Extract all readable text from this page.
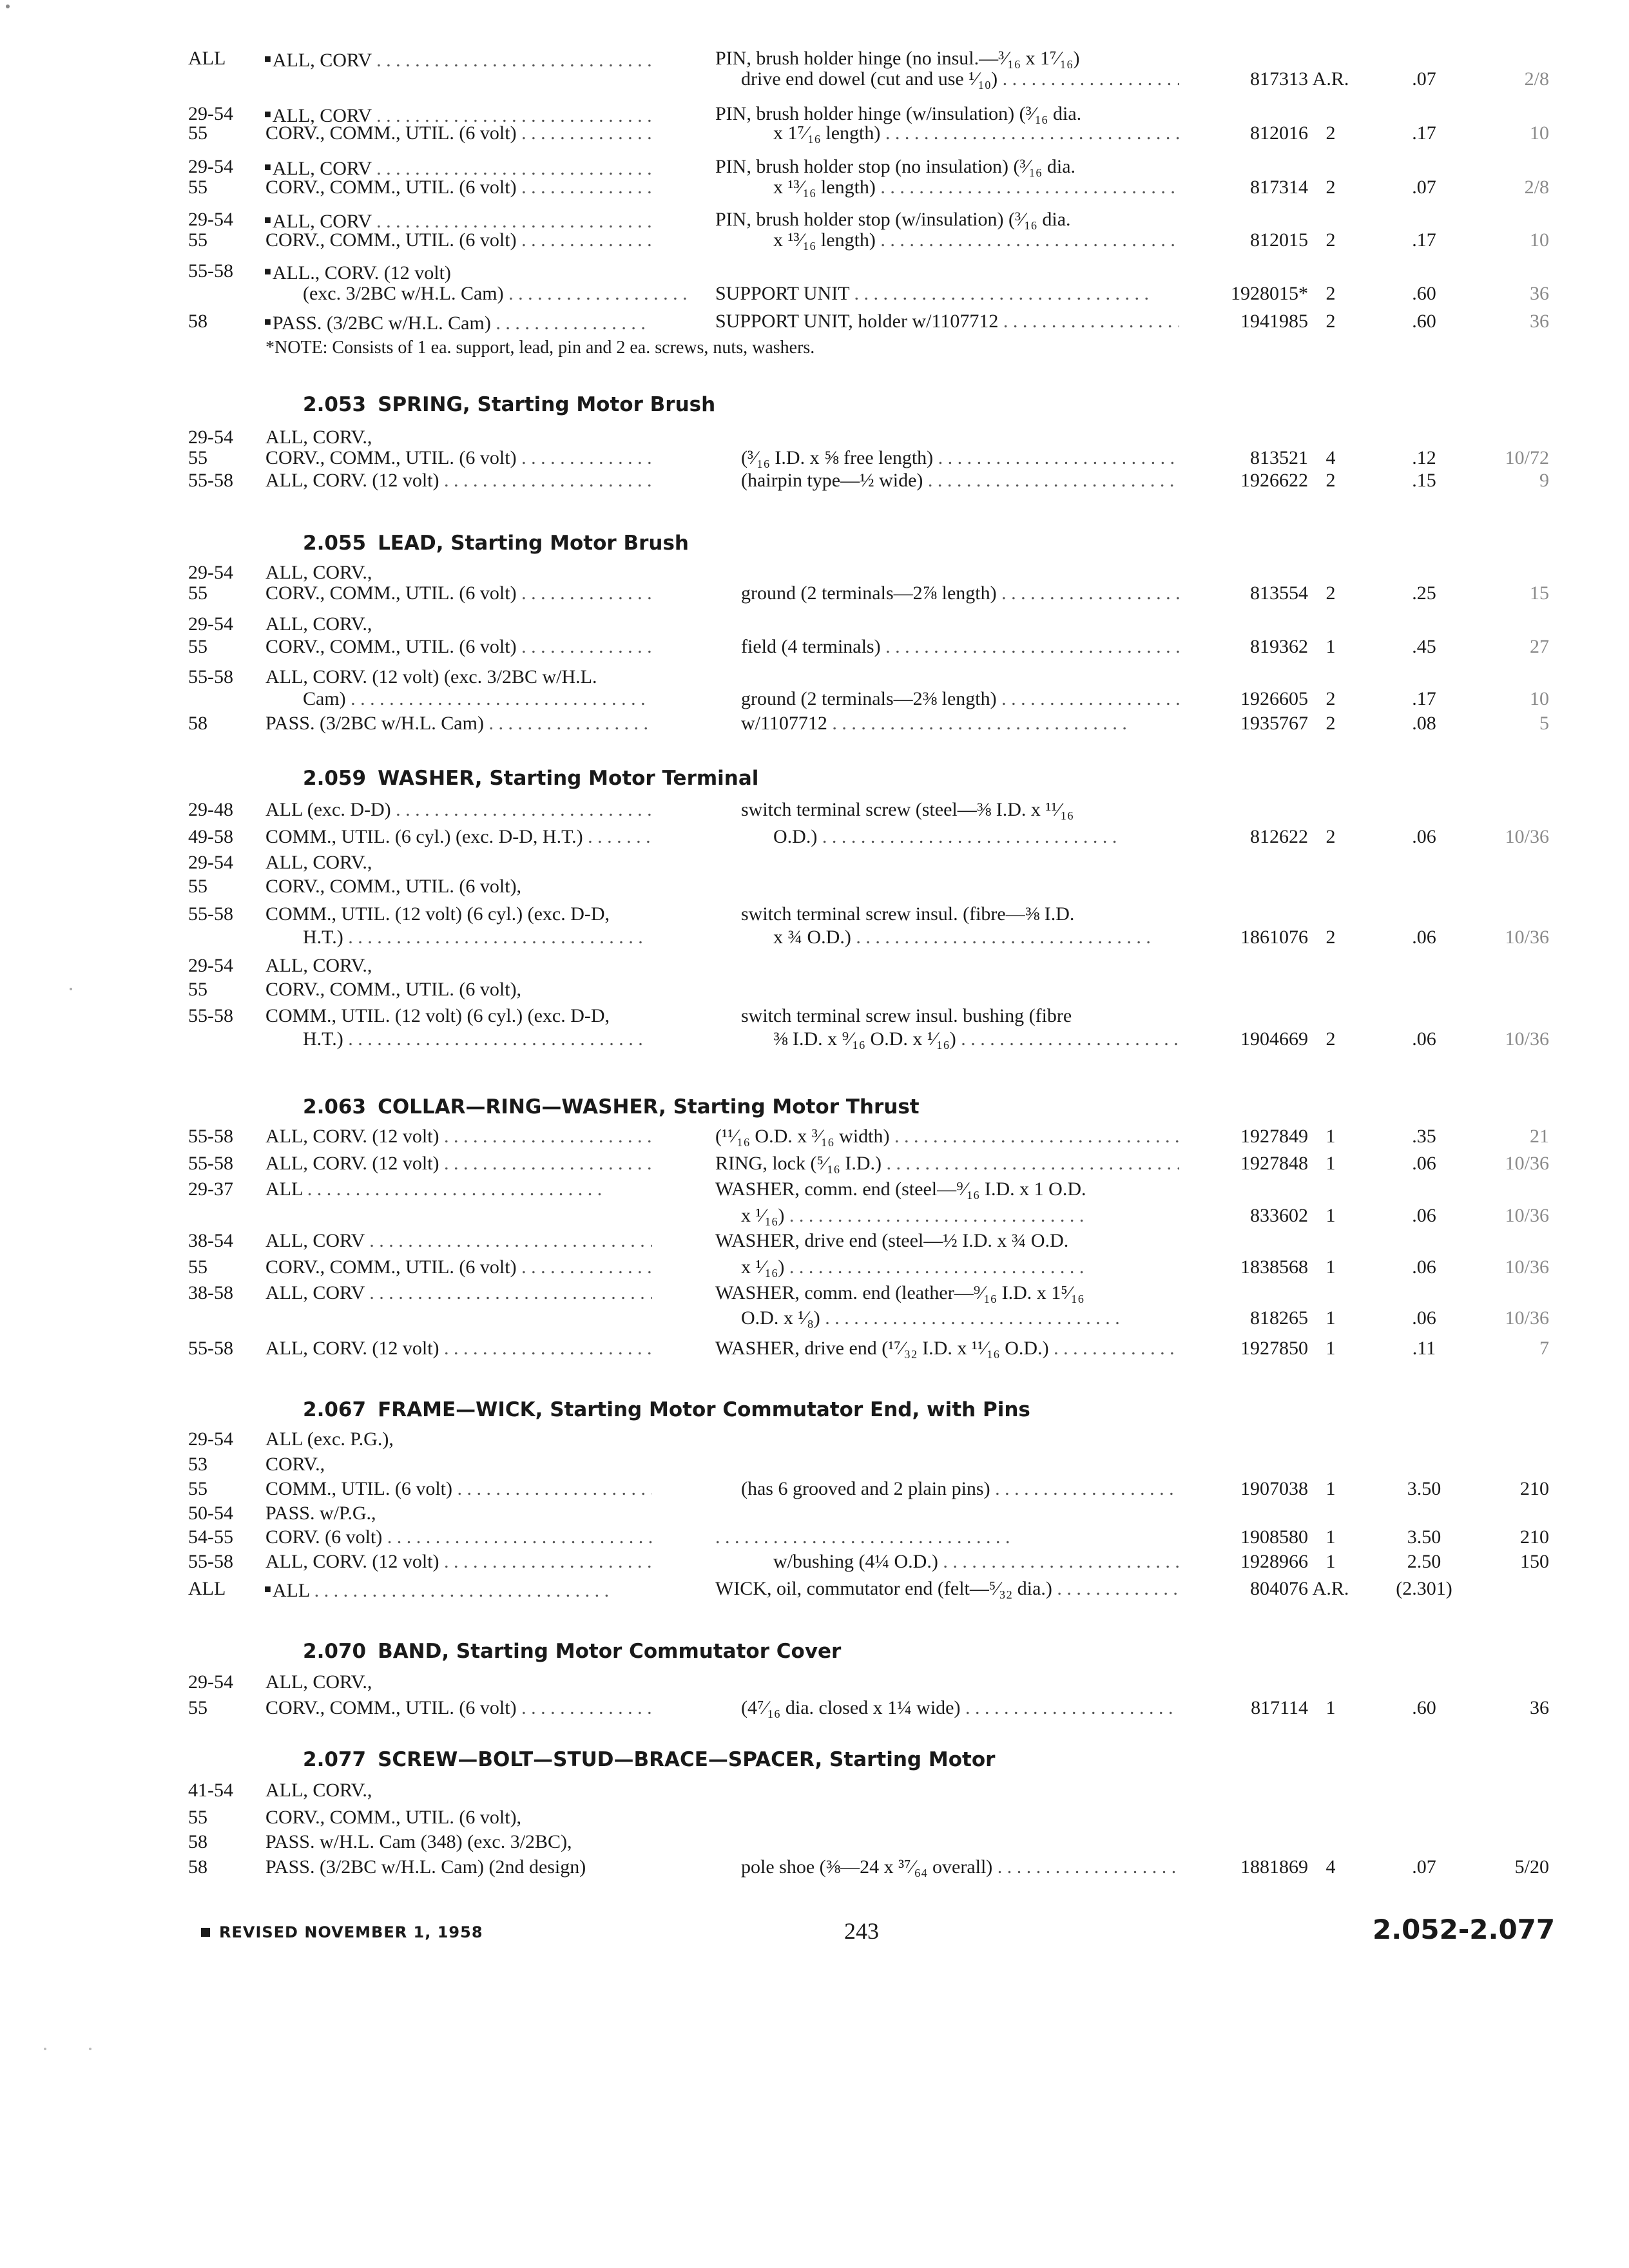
ALL	■ALL, CORV . . .	PIN, brush holder hinge (no insul.—³⁄₁₆ x 1⁷⁄₁₆)
drive end dowel (cut and use ¹⁄₁₀) . . .	817313 A.R.	.07	2/8
29-54	■ALL, CORV . . .	PIN, brush holder hinge (w/insulation) (³⁄₁₆ dia.
55	CORV., COMM., UTIL. (6 volt) . . .	x 1⁷⁄₁₆ length) . . .	812016 2	.17	10
29-54	■ALL, CORV . . .	PIN, brush holder stop (no insulation) (³⁄₁₆ dia.
55	CORV., COMM., UTIL. (6 volt) . . .	x ¹³⁄₁₆ length) . . .	817314 2	.07	2/8
29-54	■ALL, CORV . . .	PIN, brush holder stop (w/insulation) (³⁄₁₆ dia.
55	CORV., COMM., UTIL. (6 volt) . . .	x ¹³⁄₁₆ length) . . .	812015 2	.17	10
55-58	■ALL., CORV. (12 volt)
(exc. 3/2BC w/H.L. Cam) . . .	SUPPORT UNIT . . .	1928015* 2	.60	36
58	■PASS. (3/2BC w/H.L. Cam) . . .	SUPPORT UNIT, holder w/1107712 . . .	1941985 2	.60	36
*NOTE: Consists of 1 ea. support, lead, pin and 2 ea. screws, nuts, washers.
2.053 SPRING, Starting Motor Brush
29-54 ALL, CORV.,
55	CORV., COMM., UTIL. (6 volt) . . .	(³⁄₁₆ I.D. x ⅝ free length) . . .	813521 4	.12	10/72
55-58 ALL, CORV. (12 volt) . . .	(hairpin type—½ wide) . . .	1926622 2	.15	9
2.055 LEAD, Starting Motor Brush
29-54 ALL, CORV.,
55	CORV., COMM., UTIL. (6 volt) . . .	ground (2 terminals—2⅞ length) . . .	813554 2	.25	15
29-54 ALL, CORV.,
55	CORV., COMM., UTIL. (6 volt) . . .	field (4 terminals) . . .	819362 1	.45	27
55-58 ALL, CORV. (12 volt) (exc. 3/2BC w/H.L.
Cam) . . .	ground (2 terminals—2⅜ length) . . .	1926605 2	.17	10
58	PASS. (3/2BC w/H.L. Cam) . . .	w/1107712 . . .	1935767 2	.08	5
2.059 WASHER, Starting Motor Terminal
29-48 ALL (exc. D-D) . . .	switch terminal screw (steel—⅜ I.D. x ¹¹⁄₁₆
49-58 COMM., UTIL. (6 cyl.) (exc. D-D, H.T.) . . .	O.D.) . . .	812622 2	.06	10/36
29-54 ALL, CORV.,
55	CORV., COMM., UTIL. (6 volt),
55-58 COMM., UTIL. (12 volt) (6 cyl.) (exc. D-D,	switch terminal screw insul. (fibre—⅜ I.D.
H.T.) . . .	x ¾ O.D.) . . .	1861076 2	.06	10/36
29-54 ALL, CORV.,
55	CORV., COMM., UTIL. (6 volt),
55-58 COMM., UTIL. (12 volt) (6 cyl.) (exc. D-D,	switch terminal screw insul. bushing (fibre
H.T.) . . .	⅜ I.D. x ⁹⁄₁₆ O.D. x ¹⁄₁₆) . . .	1904669 2	.06	10/36
2.063 COLLAR—RING—WASHER, Starting Motor Thrust
55-58 ALL, CORV. (12 volt) . . .	(¹¹⁄₁₆ O.D. x ³⁄₁₆ width) . . .	1927849 1	.35	21
55-58 ALL, CORV. (12 volt) . . .	RING, lock (⁵⁄₁₆ I.D.) . . .	1927848 1	.06	10/36
29-37 ALL . . .	WASHER, comm. end (steel—⁹⁄₁₆ I.D. x 1 O.D.
x ¹⁄₁₆) . . .	833602 1	.06	10/36
38-54 ALL, CORV . . .	WASHER, drive end (steel—½ I.D. x ¾ O.D.
55	CORV., COMM., UTIL. (6 volt) . . .	x ¹⁄₁₆) . . .	1838568 1	.06	10/36
38-58 ALL, CORV . . .	WASHER, comm. end (leather—⁹⁄₁₆ I.D. x 1⁵⁄₁₆
O.D. x ¹⁄₈) . . .	818265 1	.06	10/36
55-58 ALL, CORV. (12 volt) . . .	WASHER, drive end (¹⁷⁄₃₂ I.D. x ¹¹⁄₁₆ O.D.) . . .	1927850 1	.11	7
2.067 FRAME—WICK, Starting Motor Commutator End, with Pins
29-54 ALL (exc. P.G.),
53	CORV.,
55	COMM., UTIL. (6 volt) . . .	(has 6 grooved and 2 plain pins) . . .	1907038 1	3.50	210
50-54 PASS. w/P.G.,
54-55 CORV. (6 volt) . . .
. . .	1908580 1	3.50	210
55-58 ALL, CORV. (12 volt) . . .	w/bushing (4¼ O.D.) . . .	1928966 1	2.50	150
ALL	■ALL . . .	WICK, oil, commutator end (felt—⁵⁄₃₂ dia.) . . .	804076 A.R.	(2.301)
2.070 BAND, Starting Motor Commutator Cover
29-54 ALL, CORV.,
55	CORV., COMM., UTIL. (6 volt) . . .	(4⁷⁄₁₆ dia. closed x 1¼ wide) . . .	817114 1	.60	36
2.077 SCREW—BOLT—STUD—BRACE—SPACER, Starting Motor
41-54 ALL, CORV.,
55	CORV., COMM., UTIL. (6 volt),
58	PASS. w/H.L. Cam (348) (exc. 3/2BC),
58	PASS. (3/2BC w/H.L. Cam) (2nd design)	pole shoe (⅜—24 x ³⁷⁄₆₄ overall) . . .	1881869 4	.07	5/20
REVISED NOVEMBER 1, 1958	243	2.052-2.077
